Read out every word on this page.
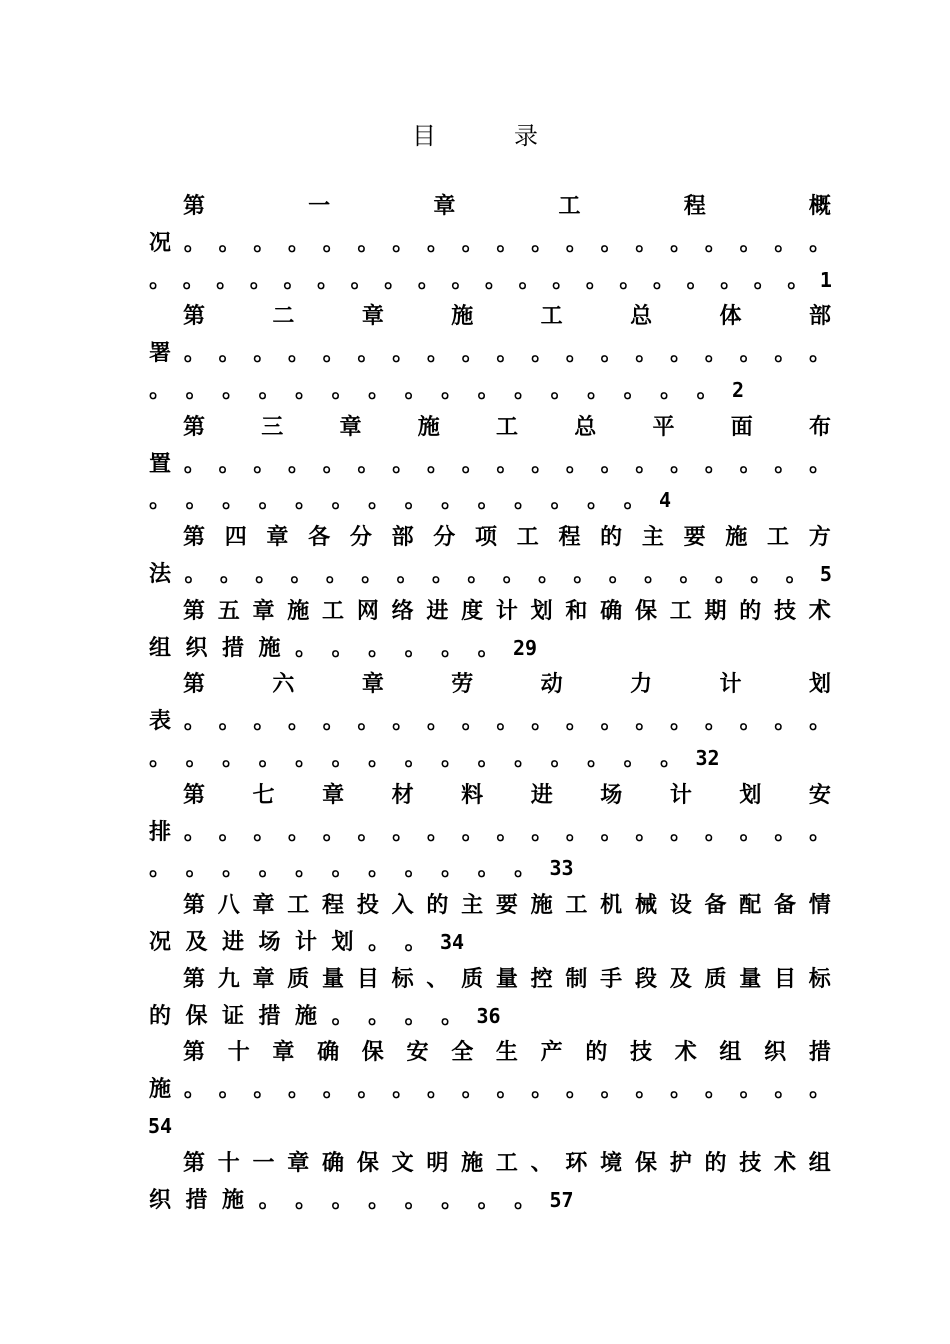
目	录
第	一	章	工	程	概
况 。 。 。 。 。 。 。 。 。 。 。 。 。 。 。 。 。 。 。
。 。 。 。 。 。 。 。 。 。 。 。 。 。 。 。 。 。 。 。 1
第	二	章	施	工	总	体	部
署 。 。 。 。 。 。 。 。 。 。 。 。 。 。 。 。 。 。 。
。 。 。 。 。 。 。 。 。 。 。 。 。 。 。 。 2
第	三	章	施	工	总	平	面	布
置 。 。 。 。 。 。 。 。 。 。 。 。 。 。 。 。 。 。 。
。 。 。 。 。 。 。 。 。 。 。 。 。 。 4
第 四 章 各 分 部 分 项 工 程 的 主 要 施 工 方
法 。 。 。 。 。 。 。 。 。 。 。 。 。 。 。 。 。 。 5
第 五 章 施 工 网 络 进 度 计 划 和 确 保 工 期 的 技 术
组 织 措 施 。 。 。 。 。 。 29
第	六	章	劳	动	力	计	划
表 。 。 。 。 。 。 。 。 。 。 。 。 。 。 。 。 。 。 。
。 。 。 。 。 。 。 。 。 。 。 。 。 。 。 32
第 七 章 材 料 进 场 计 划 安
排 。 。 。 。 。 。 。 。 。 。 。 。 。 。 。 。 。 。 。
。 。 。 。 。 。 。 。 。 。 。 33
第 八 章 工 程 投 入 的 主 要 施 工 机 械 设 备 配 备 情
况 及 进 场 计 划 。 。 34
第 九 章 质 量 目 标 、 质 量 控 制 手 段 及 质 量 目 标
的 保 证 措 施 。 。 。 。 36
第 十 章 确 保 安 全 生 产 的 技 术 组 织 措
施 。 。 。 。 。 。 。 。 。 。 。 。 。 。 。 。 。 。 。
54
第 十 一 章 确 保 文 明 施 工 、 环 境 保 护 的 技 术 组
织 措 施 。 。 。 。 。 。 。 。 57
